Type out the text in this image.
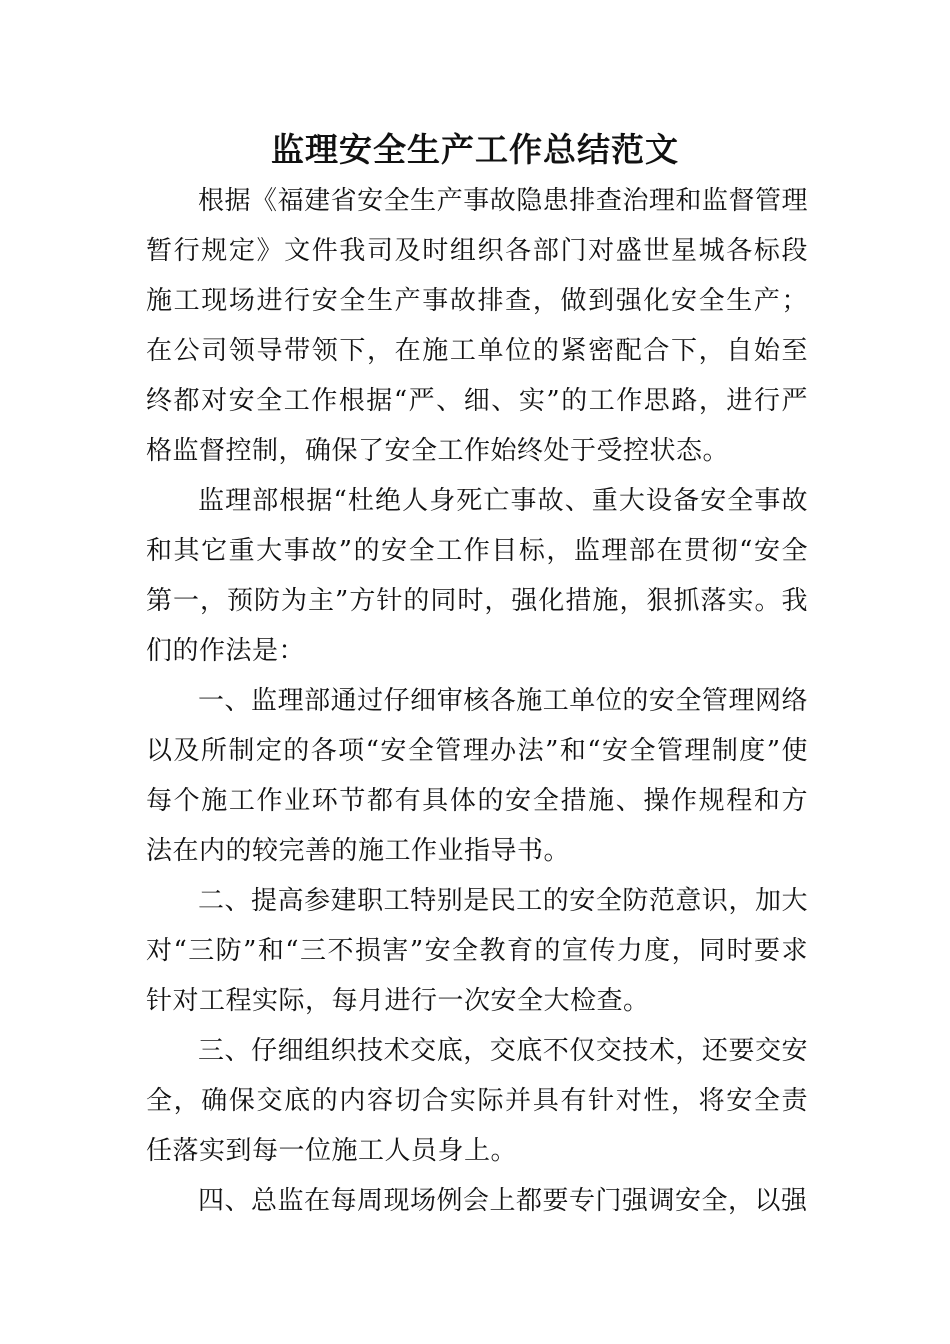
监理安全生产工作总结范文

根据《福建省安全生产事故隐患排查治理和监督管理暂行规定》文件我司及时组织各部门对盛世星城各标段施工现场进行安全生产事故排查，做到强化安全生产；在公司领导带领下，在施工单位的紧密配合下，自始至终都对安全工作根据“严、细、实”的工作思路，进行严格监督控制，确保了安全工作始终处于受控状态。

监理部根据“杜绝人身死亡事故、重大设备安全事故和其它重大事故”的安全工作目标，监理部在贯彻“安全第一，预防为主”方针的同时，强化措施，狠抓落实。我们的作法是：

一、监理部通过仔细审核各施工单位的安全管理网络以及所制定的各项“安全管理办法”和“安全管理制度”使每个施工作业环节都有具体的安全措施、操作规程和方法在内的较完善的施工作业指导书。

二、提高参建职工特别是民工的安全防范意识，加大对“三防”和“三不损害”安全教育的宣传力度，同时要求针对工程实际，每月进行一次安全大检查。

三、仔细组织技术交底，交底不仅交技术，还要交安全，确保交底的内容切合实际并具有针对性，将安全责任落实到每一位施工人员身上。

四、总监在每周现场例会上都要专门强调安全，以强
